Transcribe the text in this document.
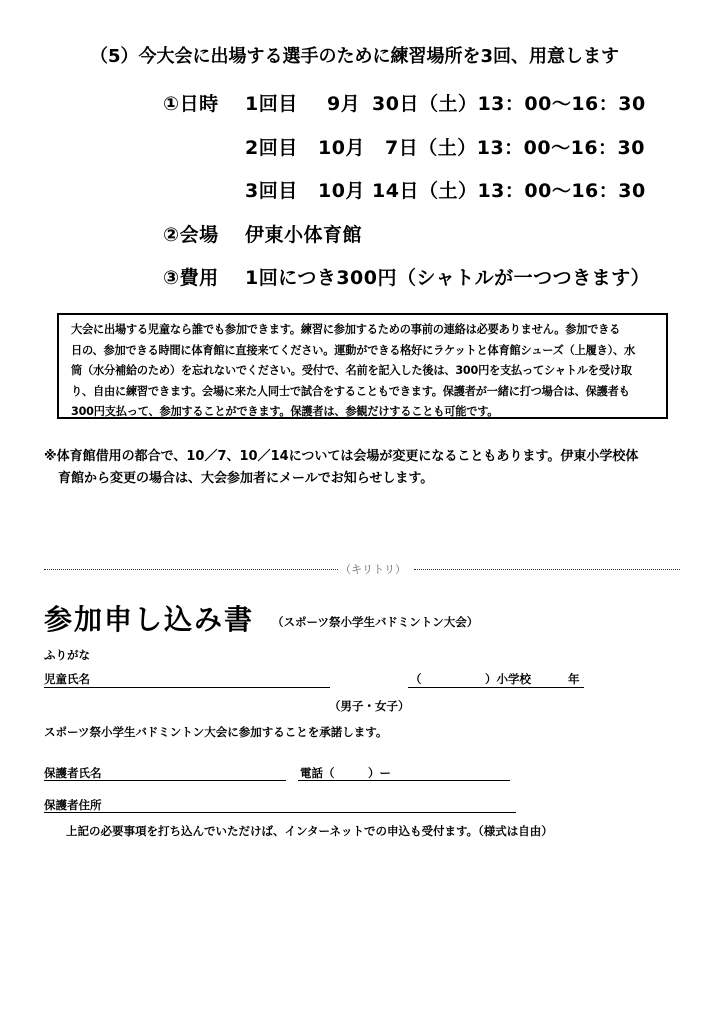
（5）今大会に出場する選手のために練習場所を3回、用意します
①日時 1回目 9月 30日（土）13：00〜16：30
2回目 10月 7日（土）13：00〜16：30
3回目 10月 14日（土）13：00〜16：30
②会場 伊東小体育館
③費用 1回につき300円（シャトルが一つつきます）
大会に出場する児童なら誰でも参加できます。練習に参加するための事前の連絡は必要ありません。参加できる
日の、参加できる時間に体育館に直接来てください。運動ができる格好にラケットと体育館シューズ（上履き）、水
筒（水分補給のため）を忘れないでください。受付で、名前を記入した後は、300円を支払ってシャトルを受け取
り、自由に練習できます。会場に来た人同士で試合をすることもできます。保護者が一緒に打つ場合は、保護者も
300円支払って、参加することができます。保護者は、参観だけすることも可能です。
※体育館借用の都合で、10／7、10／14については会場が変更になることもあります。伊東小学校体
育館から変更の場合は、大会参加者にメールでお知らせします。
（キリトリ）
参加申し込み書 （スポーツ祭小学生バドミントン大会）
ふりがな
児童氏名	（	）小学校	年
（男子・女子）
スポーツ祭小学生バドミントン大会に参加することを承諾します。
保護者氏名	電話（	）ー
保護者住所
上記の必要事項を打ち込んでいただけば、インターネットでの申込も受付ます。（様式は自由）
